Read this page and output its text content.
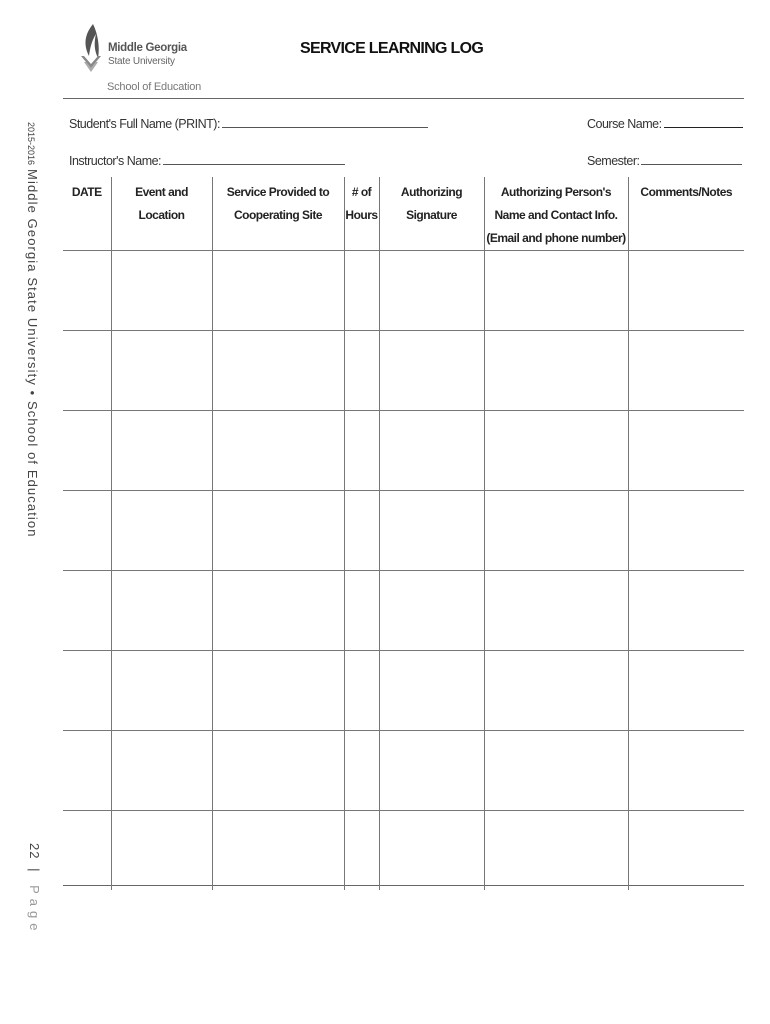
Middle Georgia
State University
School of Education
SERVICE LEARNING LOG
2015-2016Middle Georgia State University • School of Education
22 | Page
Student's Full Name (PRINT):	Course Name:
Instructor's Name:	Semester:
DATE	Event and Location	Service Provided to Cooperating Site	# of Hours	Authorizing Signature	Authorizing Person's Name and Contact Info. (Email and phone number)	Comments/Notes
